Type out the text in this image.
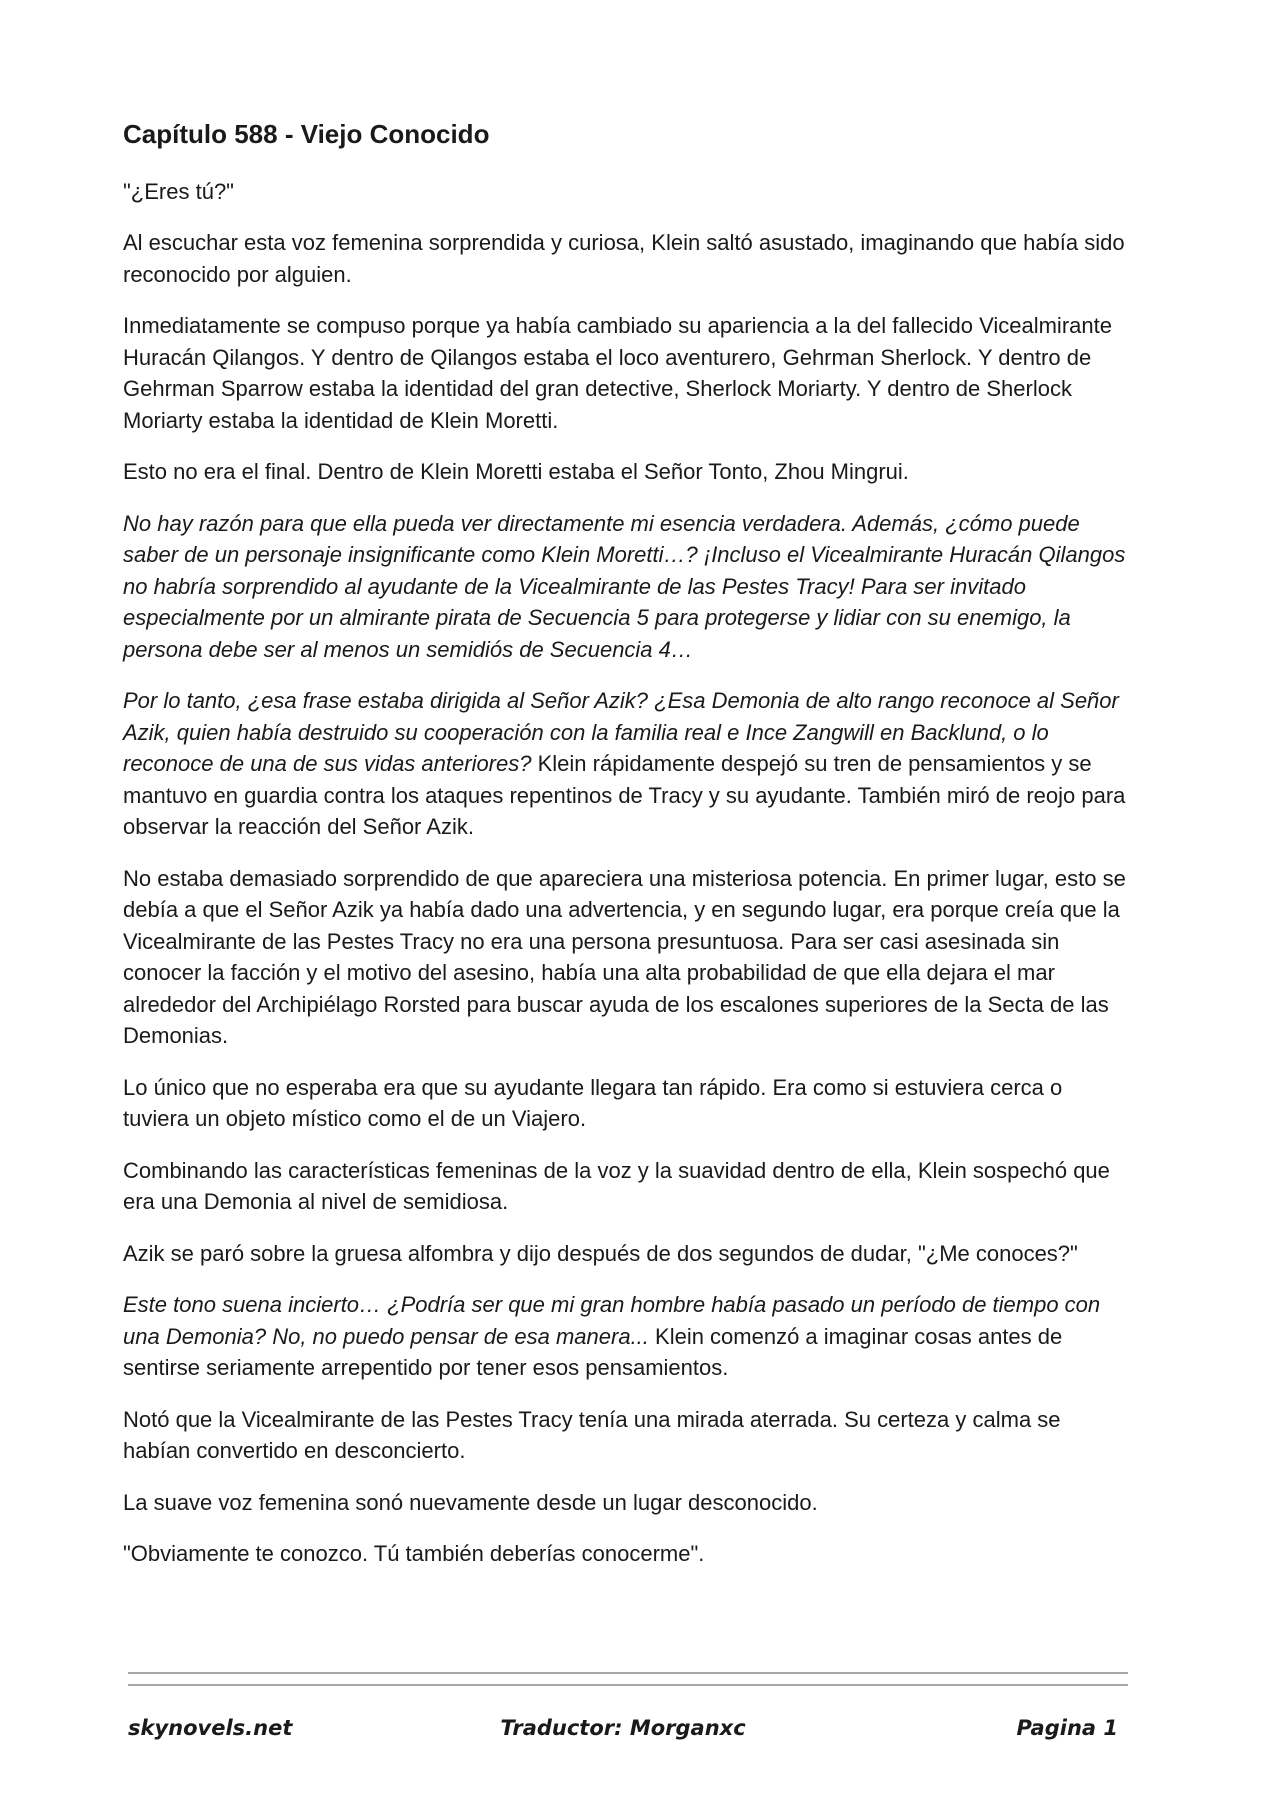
Capítulo 588 - Viejo Conocido

"¿Eres tú?"

Al escuchar esta voz femenina sorprendida y curiosa, Klein saltó asustado, imaginando que había sido reconocido por alguien.

Inmediatamente se compuso porque ya había cambiado su apariencia a la del fallecido Vicealmirante Huracán Qilangos. Y dentro de Qilangos estaba el loco aventurero, Gehrman Sherlock. Y dentro de Gehrman Sparrow estaba la identidad del gran detective, Sherlock Moriarty. Y dentro de Sherlock Moriarty estaba la identidad de Klein Moretti.

Esto no era el final. Dentro de Klein Moretti estaba el Señor Tonto, Zhou Mingrui.

No hay razón para que ella pueda ver directamente mi esencia verdadera. Además, ¿cómo puede saber de un personaje insignificante como Klein Moretti…? ¡Incluso el Vicealmirante Huracán Qilangos no habría sorprendido al ayudante de la Vicealmirante de las Pestes Tracy! Para ser invitado especialmente por un almirante pirata de Secuencia 5 para protegerse y lidiar con su enemigo, la persona debe ser al menos un semidiós de Secuencia 4…

Por lo tanto, ¿esa frase estaba dirigida al Señor Azik? ¿Esa Demonia de alto rango reconoce al Señor Azik, quien había destruido su cooperación con la familia real e Ince Zangwill en Backlund, o lo reconoce de una de sus vidas anteriores? Klein rápidamente despejó su tren de pensamientos y se mantuvo en guardia contra los ataques repentinos de Tracy y su ayudante. También miró de reojo para observar la reacción del Señor Azik.

No estaba demasiado sorprendido de que apareciera una misteriosa potencia. En primer lugar, esto se debía a que el Señor Azik ya había dado una advertencia, y en segundo lugar, era porque creía que la Vicealmirante de las Pestes Tracy no era una persona presuntuosa. Para ser casi asesinada sin conocer la facción y el motivo del asesino, había una alta probabilidad de que ella dejara el mar alrededor del Archipiélago Rorsted para buscar ayuda de los escalones superiores de la Secta de las Demonias.

Lo único que no esperaba era que su ayudante llegara tan rápido. Era como si estuviera cerca o tuviera un objeto místico como el de un Viajero.

Combinando las características femeninas de la voz y la suavidad dentro de ella, Klein sospechó que era una Demonia al nivel de semidiosa.

Azik se paró sobre la gruesa alfombra y dijo después de dos segundos de dudar, "¿Me conoces?"

Este tono suena incierto… ¿Podría ser que mi gran hombre había pasado un período de tiempo con una Demonia? No, no puedo pensar de esa manera... Klein comenzó a imaginar cosas antes de sentirse seriamente arrepentido por tener esos pensamientos.

Notó que la Vicealmirante de las Pestes Tracy tenía una mirada aterrada. Su certeza y calma se habían convertido en desconcierto.

La suave voz femenina sonó nuevamente desde un lugar desconocido.

"Obviamente te conozco. Tú también deberías conocerme".

skynovels.net	Traductor: Morganxc	Pagina 1
